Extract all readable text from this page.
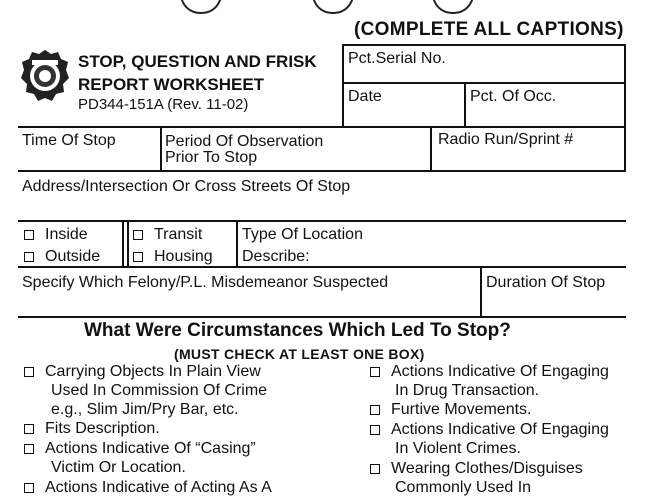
(COMPLETE ALL CAPTIONS)
STOP, QUESTION AND FRISK
REPORT WORKSHEET
PD344-151A (Rev. 11-02)
Pct.Serial No.
Date	Pct. Of Occ.
Time Of Stop	Period Of Observation
Prior To Stop
Radio Run/Sprint #
Address/Intersection Or Cross Streets Of Stop
Inside
Outside
Transit
Housing
Type Of Location
Describe:
Specify Which Felony/P.L. Misdemeanor Suspected	Duration Of Stop
What Were Circumstances Which Led To Stop?
(MUST CHECK AT LEAST ONE BOX)
Carrying Objects In Plain View
Used In Commission Of Crime
e.g., Slim Jim/Pry Bar, etc.
Fits Description.
Actions Indicative Of “Casing”
Victim Or Location.
Actions Indicative of Acting As A
Actions Indicative Of Engaging
In Drug Transaction.
Furtive Movements.
Actions Indicative Of Engaging
In Violent Crimes.
Wearing Clothes/Disguises
Commonly Used In
